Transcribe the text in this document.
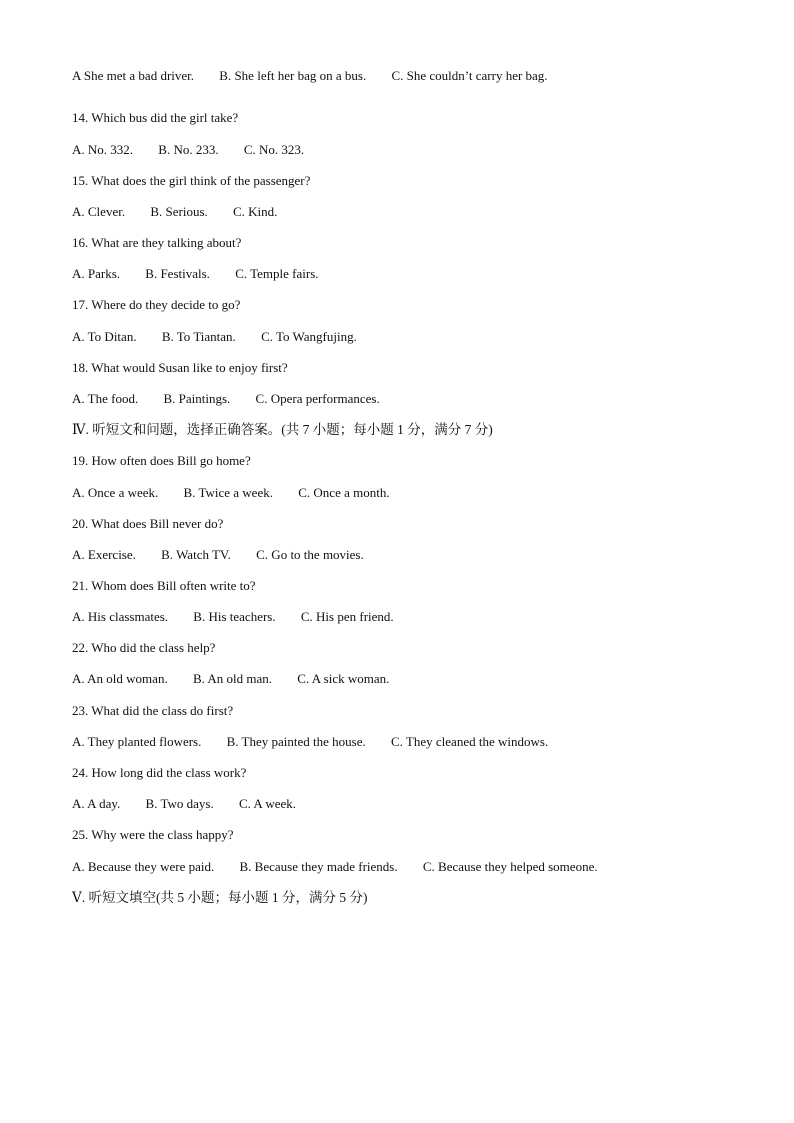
A She met a bad driver. B. She left her bag on a bus. C. She couldn’t carry her bag.
14. Which bus did the girl take?
A. No. 332. B. No. 233. C. No. 323.
15. What does the girl think of the passenger?
A. Clever. B. Serious. C. Kind.
16. What are they talking about?
A. Parks. B. Festivals. C. Temple fairs.
17. Where do they decide to go?
A. To Ditan. B. To Tiantan. C. To Wangfujing.
18. What would Susan like to enjoy first?
A. The food. B. Paintings. C. Opera performances.
Ⅳ. 听短文和问题，选择正确答案。(共 7 小题；每小题 1 分，满分 7 分)
19. How often does Bill go home?
A. Once a week. B. Twice a week. C. Once a month.
20. What does Bill never do?
A. Exercise. B. Watch TV. C. Go to the movies.
21. Whom does Bill often write to?
A. His classmates. B. His teachers. C. His pen friend.
22. Who did the class help?
A. An old woman. B. An old man. C. A sick woman.
23. What did the class do first?
A. They planted flowers. B. They painted the house. C. They cleaned the windows.
24. How long did the class work?
A. A day. B. Two days. C. A week.
25. Why were the class happy?
A. Because they were paid. B. Because they made friends. C. Because they helped someone.
Ⅴ. 听短文填空(共 5 小题；每小题 1 分，满分 5 分)
